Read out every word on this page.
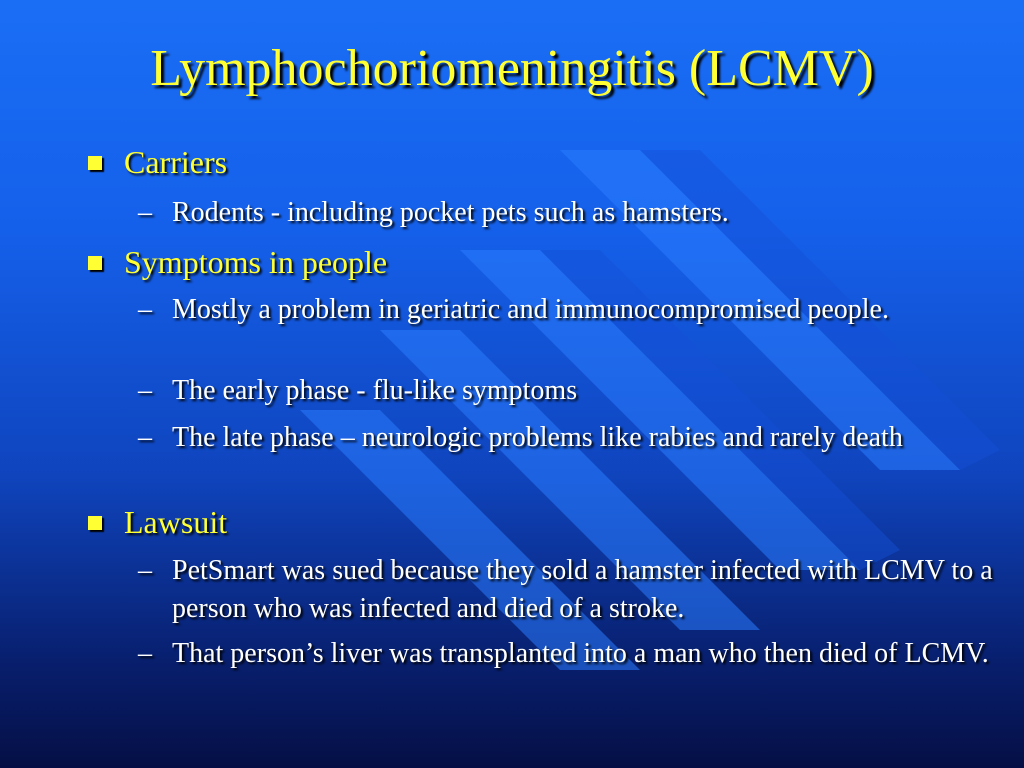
Lymphochoriomeningitis (LCMV)
Carriers
– Rodents - including pocket pets such as hamsters.
Symptoms in people
– Mostly a problem in geriatric and immunocompromised people.
– The early phase - flu-like symptoms
– The late phase – neurologic problems like rabies and rarely death
Lawsuit
– PetSmart was sued because they sold a hamster infected with LCMV to a person who was infected and died of a stroke.
– That person’s liver was transplanted into a man who then died of LCMV.
